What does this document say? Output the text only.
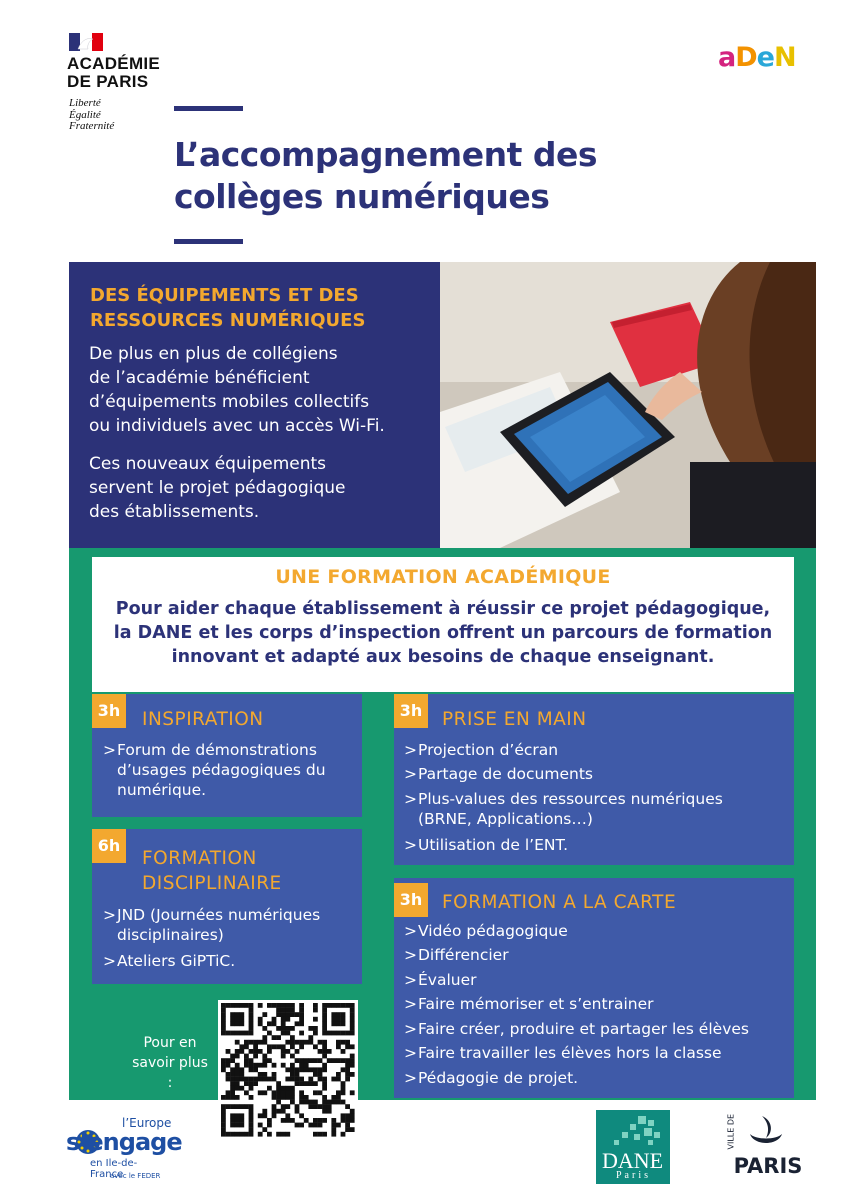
ACADÉMIE
DE PARIS
Liberté
Égalité
Fraternité
aDeN
L’accompagnement des
collèges numériques
DES ÉQUIPEMENTS ET DES
RESSOURCES NUMÉRIQUES
De plus en plus de collégiens
de l’académie bénéficient
d’équipements mobiles collectifs
ou individuels avec un accès Wi-Fi.
Ces nouveaux équipements
servent le projet pédagogique
des établissements.
UNE FORMATION ACADÉMIQUE
Pour aider chaque établissement à réussir ce projet pédagogique,
la DANE et les corps d’inspection offrent un parcours de formation
innovant et adapté aux besoins de chaque enseignant.
3h	INSPIRATION
>Forum de démonstrations
d’usages pédagogiques du
numérique.
6h
FORMATION
DISCIPLINAIRE
>JND (Journées numériques
disciplinaires)
>Ateliers GiPTiC.
3h	PRISE EN MAIN
>Projection d’écran
>Partage de documents
>Plus-values des ressources numériques
(BRNE, Applications…)
>Utilisation de l’ENT.
3h	FORMATION A LA CARTE
>Vidéo pédagogique
>Différencier
>Évaluer
>Faire mémoriser et s’entrainer
>Faire créer, produire et partager les élèves
>Faire travailler les élèves hors la classe
>Pédagogie de projet.
Pour en
savoir plus :
l’Europe
s’engage
en Ile-de-France
avec le FEDER
DANE
Paris
VILLE DE
PARIS
